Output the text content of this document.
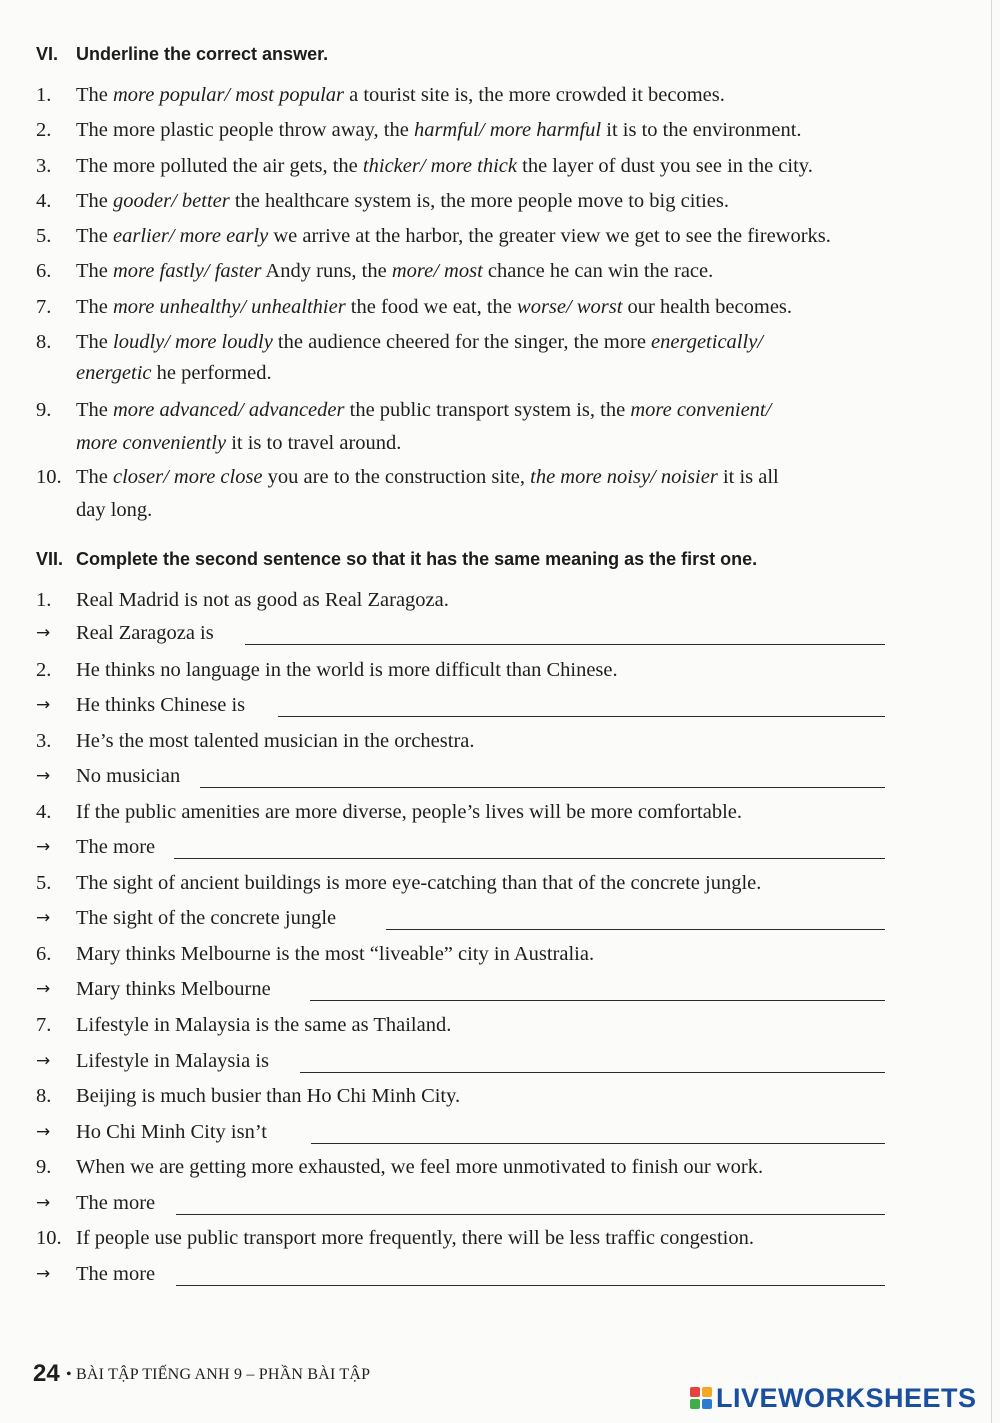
VI. Underline the correct answer.
1. The more popular/ most popular a tourist site is, the more crowded it becomes.
2. The more plastic people throw away, the harmful/ more harmful it is to the environment.
3. The more polluted the air gets, the thicker/ more thick the layer of dust you see in the city.
4. The gooder/ better the healthcare system is, the more people move to big cities.
5. The earlier/ more early we arrive at the harbor, the greater view we get to see the fireworks.
6. The more fastly/ faster Andy runs, the more/ most chance he can win the race.
7. The more unhealthy/ unhealthier the food we eat, the worse/ worst our health becomes.
8. The loudly/ more loudly the audience cheered for the singer, the more energetically/
energetic he performed.
9. The more advanced/ advanceder the public transport system is, the more convenient/
more conveniently it is to travel around.
10. The closer/ more close you are to the construction site, the more noisy/ noisier it is all
day long.
VII. Complete the second sentence so that it has the same meaning as the first one.
1. Real Madrid is not as good as Real Zaragoza.
→ Real Zaragoza is
2. He thinks no language in the world is more difficult than Chinese.
→ He thinks Chinese is
3. He’s the most talented musician in the orchestra.
→ No musician
4. If the public amenities are more diverse, people’s lives will be more comfortable.
→ The more
5. The sight of ancient buildings is more eye-catching than that of the concrete jungle.
→ The sight of the concrete jungle
6. Mary thinks Melbourne is the most “liveable” city in Australia.
→ Mary thinks Melbourne
7. Lifestyle in Malaysia is the same as Thailand.
→ Lifestyle in Malaysia is
8. Beijing is much busier than Ho Chi Minh City.
→ Ho Chi Minh City isn’t
9. When we are getting more exhausted, we feel more unmotivated to finish our work.
→ The more
10. If people use public transport more frequently, there will be less traffic congestion.
→ The more
24 • BÀI TẬP TIẾNG ANH 9 – PHẦN BÀI TẬP
LIVEWORKSHEETS
